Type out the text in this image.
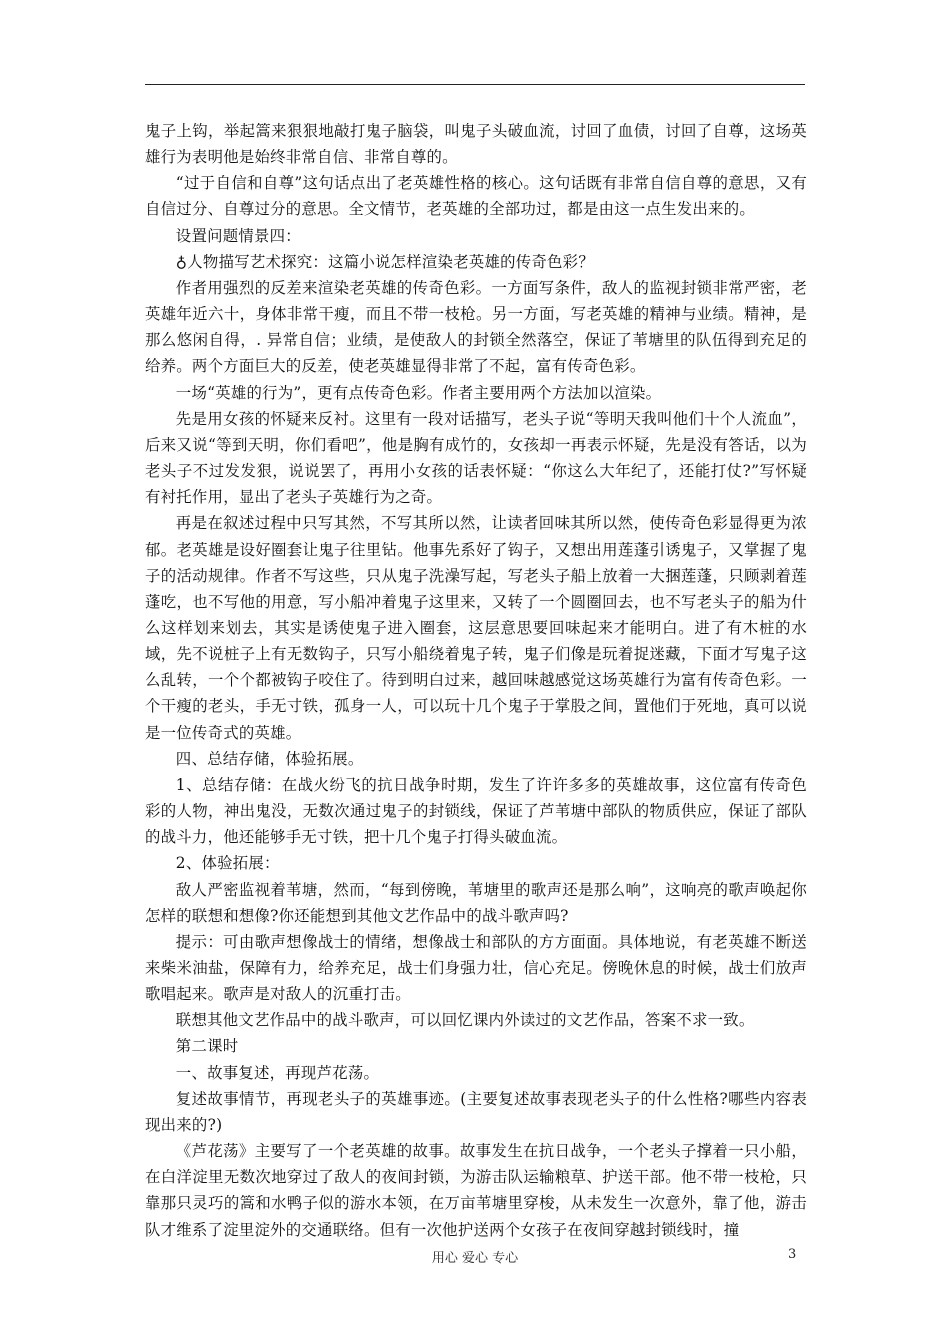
鬼子上钩，举起篙来狠狠地敲打鬼子脑袋，叫鬼子头破血流，讨回了血债，讨回了自尊，这场英雄行为表明他是始终非常自信、非常自尊的。

“过于自信和自尊”这句话点出了老英雄性格的核心。这句话既有非常自信自尊的意思，又有自信过分、自尊过分的意思。全文情节，老英雄的全部功过，都是由这一点生发出来的。

设置问题情景四：

♁人物描写艺术探究：这篇小说怎样渲染老英雄的传奇色彩？

作者用强烈的反差来渲染老英雄的传奇色彩。一方面写条件，敌人的监视封锁非常严密，老英雄年近六十，身体非常干瘦，而且不带一枝枪。另一方面，写老英雄的精神与业绩。精神，是那么悠闲自得，. 异常自信；业绩，是使敌人的封锁全然落空，保证了苇塘里的队伍得到充足的给养。两个方面巨大的反差，使老英雄显得非常了不起，富有传奇色彩。

一场“英雄的行为”，更有点传奇色彩。作者主要用两个方法加以渲染。

先是用女孩的怀疑来反衬。这里有一段对话描写，老头子说“等明天我叫他们十个人流血”，后来又说“等到天明，你们看吧”，他是胸有成竹的，女孩却一再表示怀疑，先是没有答话，以为老头子不过发发狠，说说罢了，再用小女孩的话表怀疑：“你这么大年纪了，还能打仗?”写怀疑有衬托作用，显出了老头子英雄行为之奇。

再是在叙述过程中只写其然，不写其所以然，让读者回味其所以然，使传奇色彩显得更为浓郁。老英雄是设好圈套让鬼子往里钻。他事先系好了钩子，又想出用莲蓬引诱鬼子，又掌握了鬼子的活动规律。作者不写这些，只从鬼子洗澡写起，写老头子船上放着一大捆莲蓬，只顾剥着莲蓬吃，也不写他的用意，写小船冲着鬼子这里来，又转了一个圆圈回去，也不写老头子的船为什么这样划来划去，其实是诱使鬼子进入圈套，这层意思要回味起来才能明白。进了有木桩的水域，先不说桩子上有无数钩子，只写小船绕着鬼子转，鬼子们像是玩着捉迷藏，下面才写鬼子这么乱转，一个个都被钩子咬住了。待到明白过来，越回味越感觉这场英雄行为富有传奇色彩。一个干瘦的老头，手无寸铁，孤身一人，可以玩十几个鬼子于掌股之间，置他们于死地，真可以说是一位传奇式的英雄。

四、总结存储，体验拓展。

1、总结存储：在战火纷飞的抗日战争时期，发生了许许多多的英雄故事，这位富有传奇色彩的人物，神出鬼没，无数次通过鬼子的封锁线，保证了芦苇塘中部队的物质供应，保证了部队的战斗力，他还能够手无寸铁，把十几个鬼子打得头破血流。

2、体验拓展：

敌人严密监视着苇塘，然而，“每到傍晚，苇塘里的歌声还是那么响”，这响亮的歌声唤起你怎样的联想和想像?你还能想到其他文艺作品中的战斗歌声吗?

提示：可由歌声想像战士的情绪，想像战士和部队的方方面面。具体地说，有老英雄不断送来柴米油盐，保障有力，给养充足，战士们身强力壮，信心充足。傍晚休息的时候，战士们放声歌唱起来。歌声是对敌人的沉重打击。

联想其他文艺作品中的战斗歌声，可以回忆课内外读过的文艺作品，答案不求一致。

第二课时

一、故事复述，再现芦花荡。

复述故事情节，再现老头子的英雄事迹。(主要复述故事表现老头子的什么性格?哪些内容表现出来的?)

《芦花荡》主要写了一个老英雄的故事。故事发生在抗日战争，一个老头子撑着一只小船，在白洋淀里无数次地穿过了敌人的夜间封锁，为游击队运输粮草、护送干部。他不带一枝枪，只靠那只灵巧的篙和水鸭子似的游水本领，在万亩苇塘里穿梭，从未发生一次意外，靠了他，游击队才维系了淀里淀外的交通联络。但有一次他护送两个女孩子在夜间穿越封锁线时，撞

用心 爱心 专心	3
